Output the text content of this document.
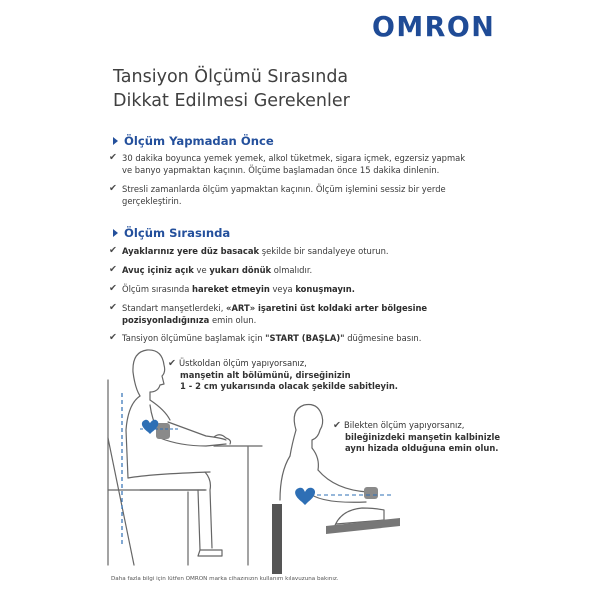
OMRON
Tansiyon Ölçümü Sırasında
Dikkat Edilmesi Gerekenler
Ölçüm Yapmadan Önce
✔ 30 dakika boyunca yemek yemek, alkol tüketmek, sigara içmek, egzersiz yapmak
ve banyo yapmaktan kaçının. Ölçüme başlamadan önce 15 dakika dinlenin.
✔ Stresli zamanlarda ölçüm yapmaktan kaçının. Ölçüm işlemini sessiz bir yerde
gerçekleştirin.
Ölçüm Sırasında
✔ Ayaklarınız yere düz basacak şekilde bir sandalyeye oturun.
✔ Avuç içiniz açık ve yukarı dönük olmalıdır.
✔ Ölçüm sırasında hareket etmeyin veya konuşmayın.
✔ Standart manşetlerdeki, «ART» işaretini üst koldaki arter bölgesine
pozisyonladığınıza emin olun.
✔ Tansiyon ölçümüne başlamak için "START (BAŞLA)" düğmesine basın.
✔ Üstkoldan ölçüm yapıyorsanız,
manşetin alt bölümünü, dirseğinizin
1 - 2 cm yukarısında olacak şekilde sabitleyin.
✔ Bilekten ölçüm yapıyorsanız,
bileğinizdeki manşetin kalbinizle
aynı hizada olduğuna emin olun.
Daha fazla bilgi için lütfen OMRON marka cihazınızın kullanım kılavuzuna bakınız.
